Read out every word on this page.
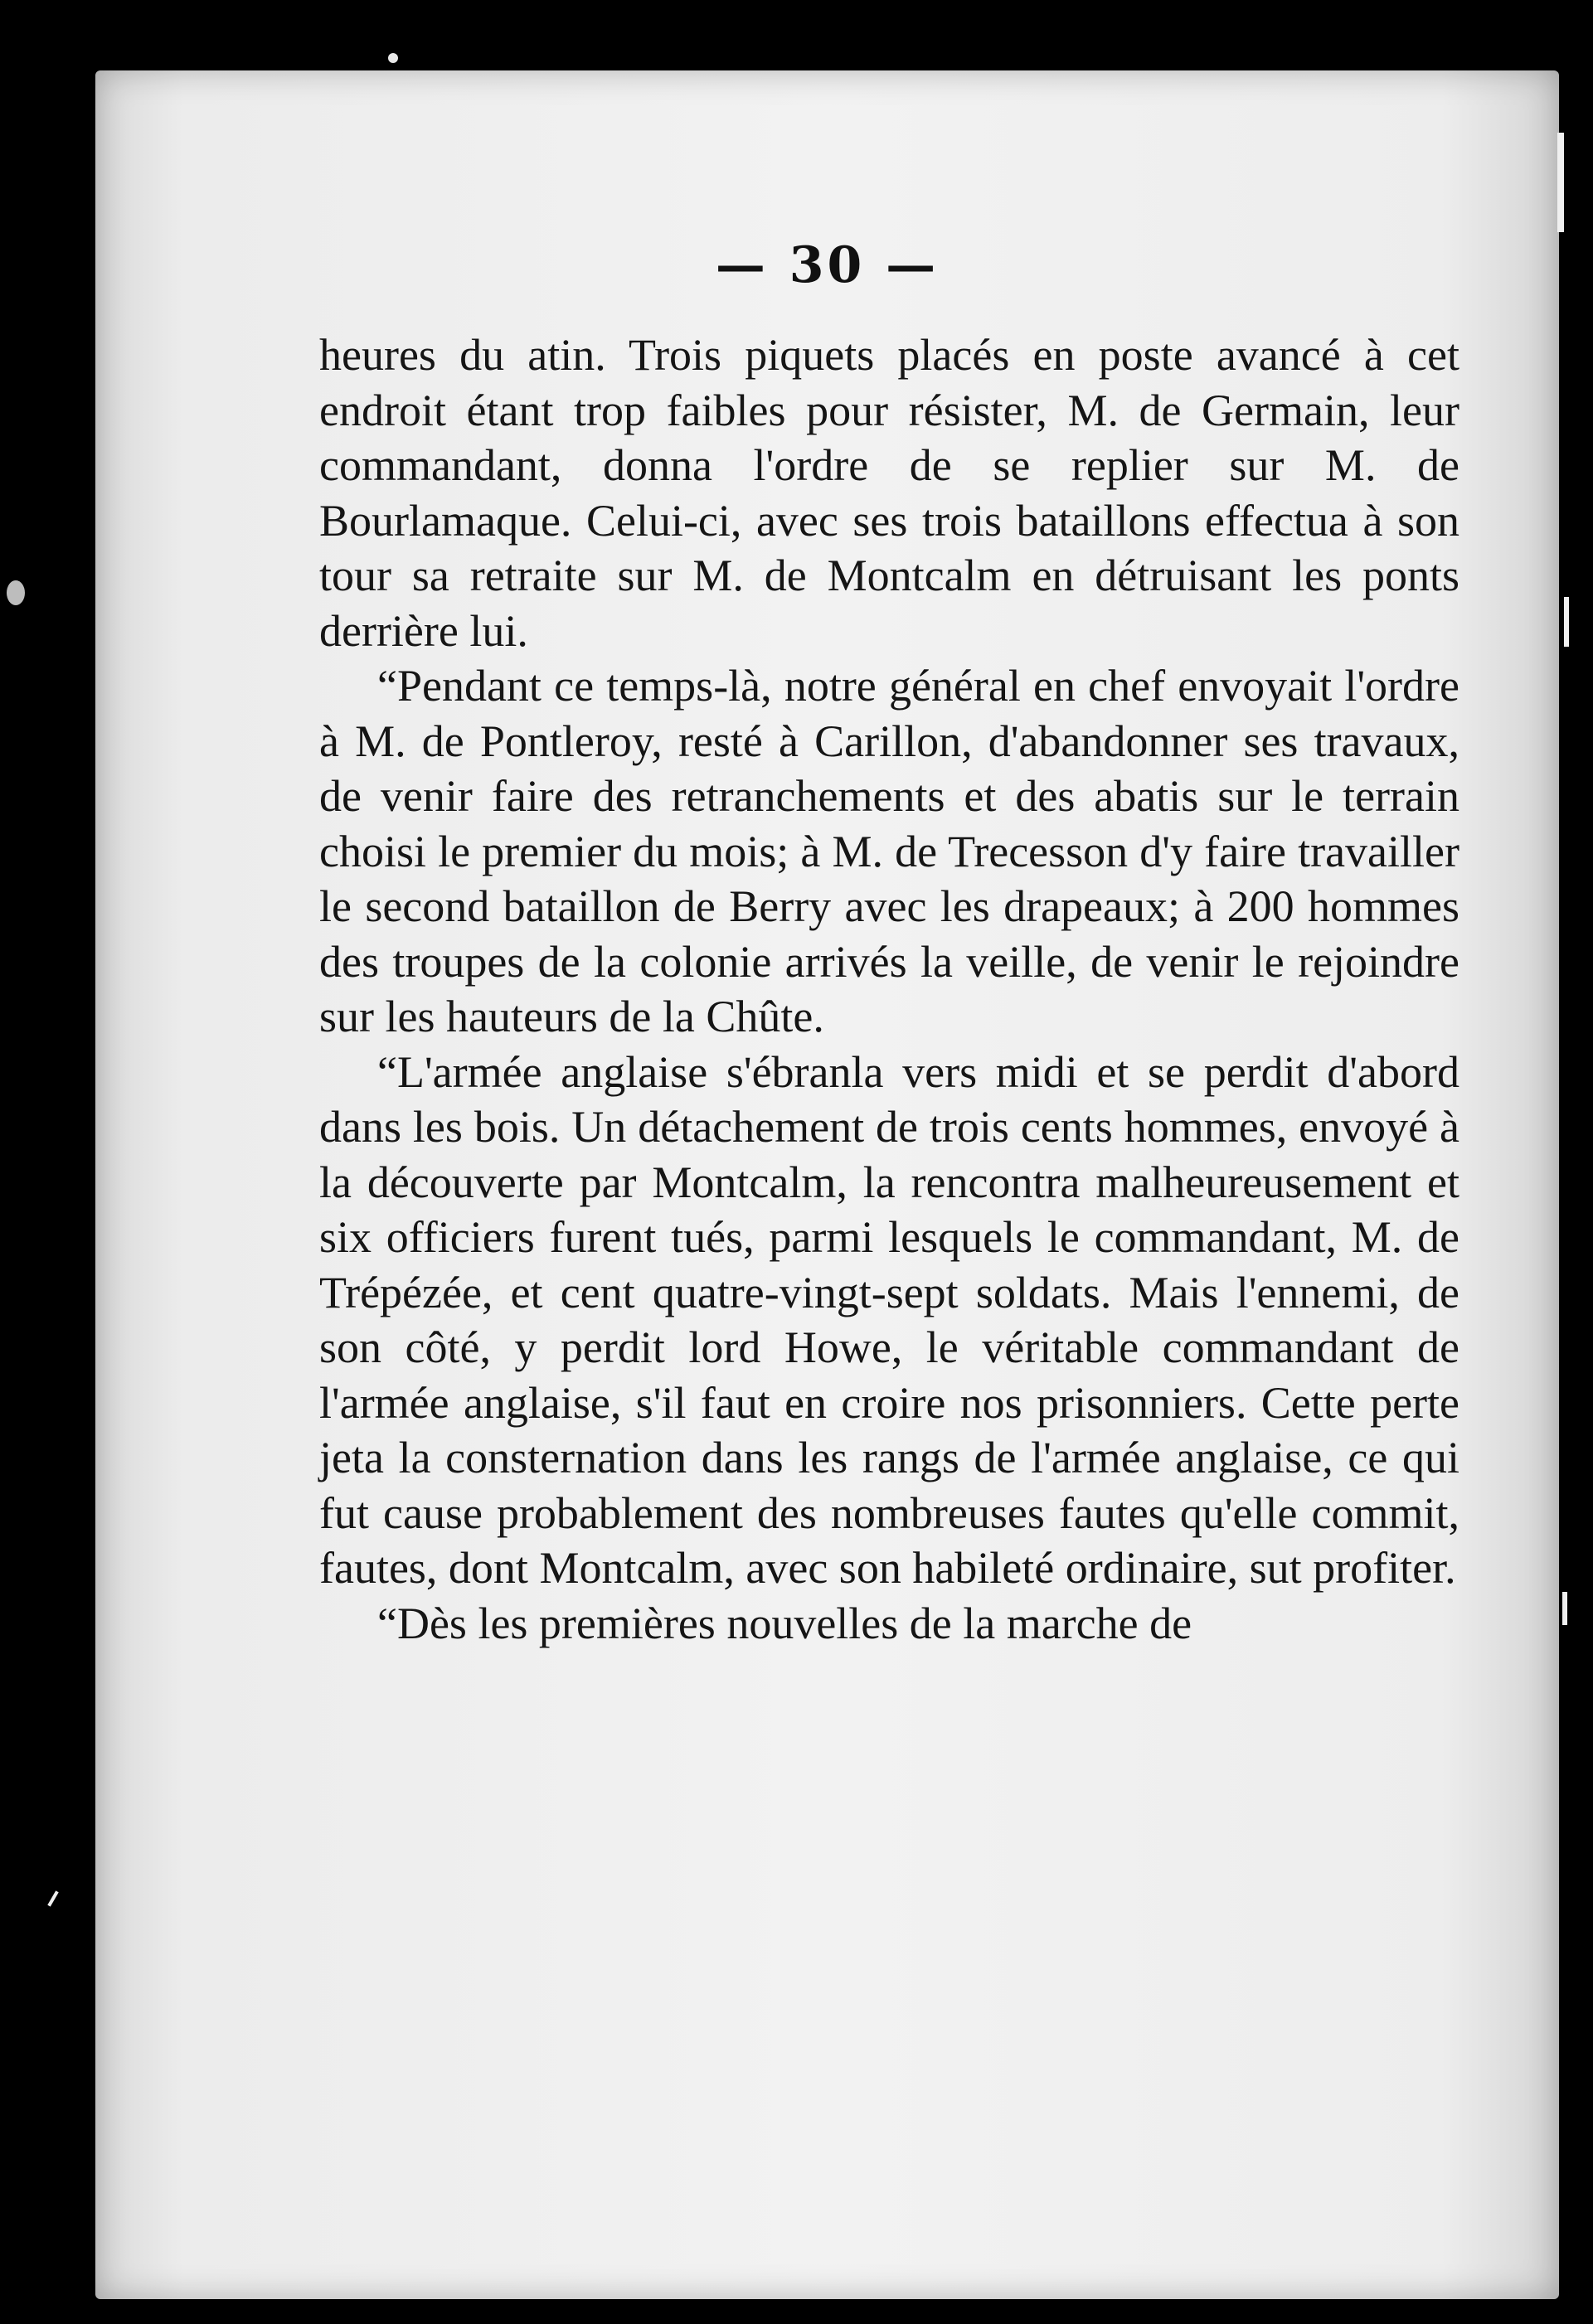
— 30 —

heures du atin. Trois piquets placés en poste avancé à cet endroit étant trop faibles pour résister, M. de Germain, leur commandant, donna l'ordre de se replier sur M. de Bourlamaque. Celui-ci, avec ses trois bataillons effectua à son tour sa retraite sur M. de Montcalm en détruisant les ponts derrière lui.

“Pendant ce temps-là, notre général en chef envoyait l'ordre à M. de Pontleroy, resté à Carillon, d'abandonner ses travaux, de venir faire des retranchements et des abatis sur le terrain choisi le premier du mois; à M. de Trecesson d'y faire travailler le second bataillon de Berry avec les drapeaux; à 200 hommes des troupes de la colonie arrivés la veille, de venir le rejoindre sur les hauteurs de la Chûte.

“L'armée anglaise s'ébranla vers midi et se perdit d'abord dans les bois. Un détachement de trois cents hommes, envoyé à la découverte par Montcalm, la rencontra malheureusement et six officiers furent tués, parmi lesquels le commandant, M. de Trépézée, et cent quatre-vingt-sept soldats. Mais l'ennemi, de son côté, y perdit lord Howe, le véritable commandant de l'armée anglaise, s'il faut en croire nos prisonniers. Cette perte jeta la consternation dans les rangs de l'armée anglaise, ce qui fut cause probablement des nombreuses fautes qu'elle commit, fautes, dont Montcalm, avec son habileté ordinaire, sut profiter.

“Dès les premières nouvelles de la marche de
